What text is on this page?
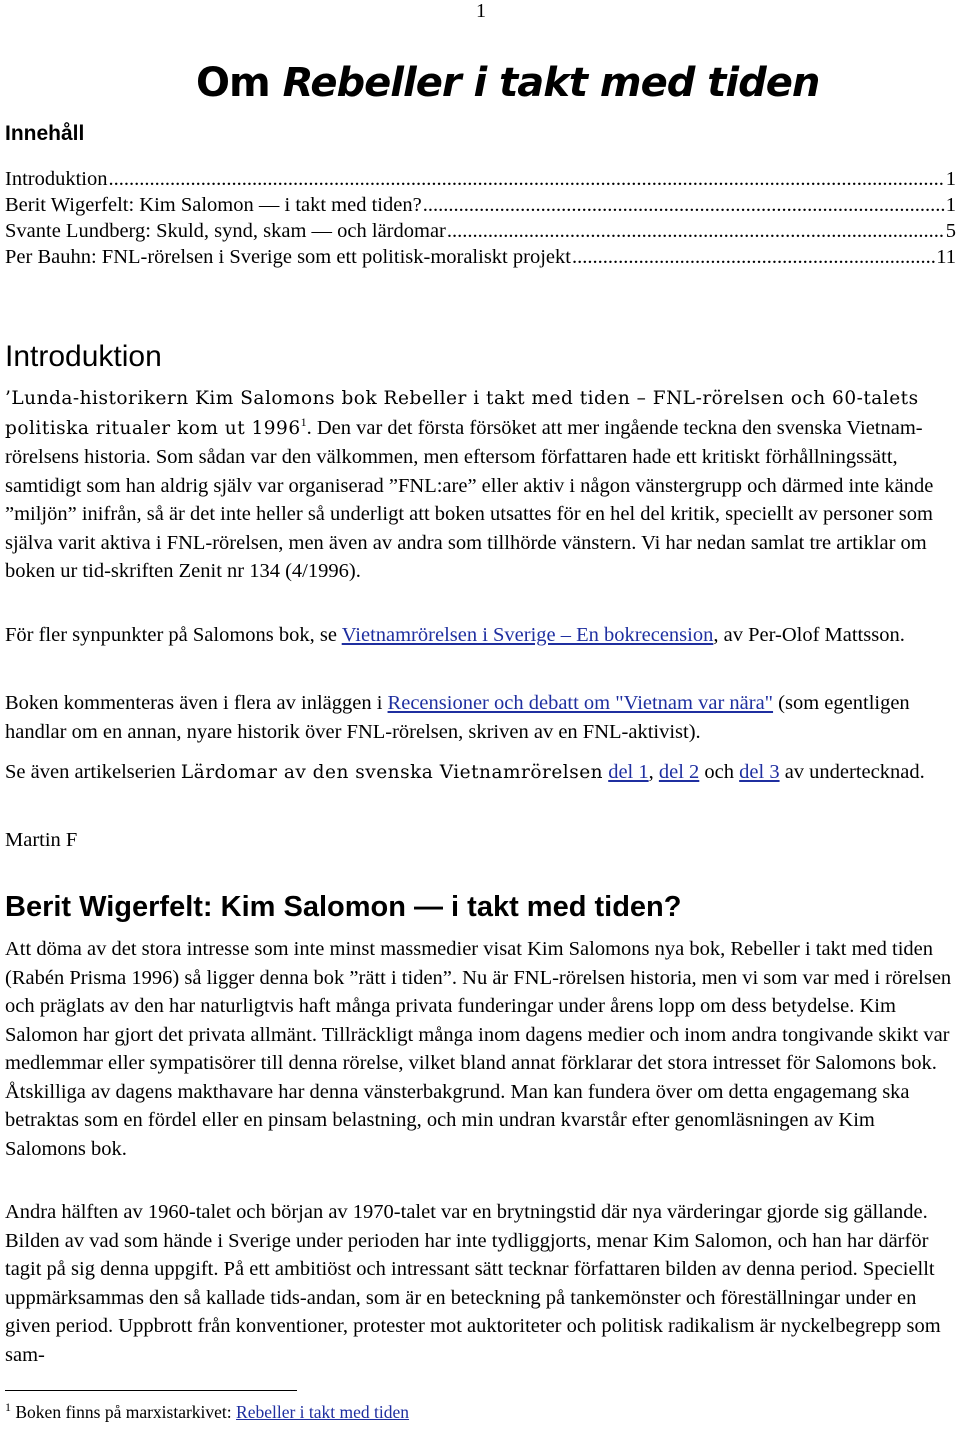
1
Om Rebeller i takt med tiden
Innehåll
Introduktion .....	1
Berit Wigerfelt: Kim Salomon — i takt med tiden? .....	1
Svante Lundberg: Skuld, synd, skam — och lärdomar .....	5
Per Bauhn: FNL-rörelsen i Sverige som ett politisk-moraliskt projekt .....	11
Introduktion

’Lunda-historikern Kim Salomons bok Rebeller i takt med tiden – FNL-rörelsen och 60-talets politiska ritualer kom ut 1996$^1$. Den var det första försöket att mer ingående teckna den svenska Vietnam-rörelsens historia. Som sådan var den välkommen, men eftersom författaren hade ett kritiskt förhållningssätt, samtidigt som han aldrig själv var organiserad ”FNL:are” eller aktiv i någon vänstergrupp och därmed inte kände ”miljön” inifrån, så är det inte heller så underligt att boken utsattes för en hel del kritik, speciellt av personer som själva varit aktiva i FNL-rörelsen, men även av andra som tillhörde vänstern. Vi har nedan samlat tre artiklar om boken ur tid-skriften Zenit nr 134 (4/1996).

För fler synpunkter på Salomons bok, se Vietnamrörelsen i Sverige – En bokrecension, av Per-Olof Mattsson.

Boken kommenteras även i flera av inläggen i Recensioner och debatt om "Vietnam var nära" (som egentligen handlar om en annan, nyare historik över FNL-rörelsen, skriven av en FNL-aktivist).

Se även artikelserien Lärdomar av den svenska Vietnamrörelsen del 1, del 2 och del 3 av undertecknad.

Martin F
Berit Wigerfelt: Kim Salomon — i takt med tiden?
Att döma av det stora intresse som inte minst massmedier visat Kim Salomons nya bok, Rebeller i takt med tiden (Rabén Prisma 1996) så ligger denna bok ”rätt i tiden”. Nu är FNL-rörelsen historia, men vi som var med i rörelsen och präglats av den har naturligtvis haft många privata funderingar under årens lopp om dess betydelse. Kim Salomon har gjort det privata allmänt. Tillräckligt många inom dagens medier och inom andra tongivande skikt var medlemmar eller sympatisörer till denna rörelse, vilket bland annat förklarar det stora intresset för Salomons bok. Åtskilliga av dagens makthavare har denna vänsterbakgrund. Man kan fundera över om detta engagemang ska betraktas som en fördel eller en pinsam belastning, och min undran kvarstår efter genomläsningen av Kim Salomons bok.
Andra hälften av 1960-talet och början av 1970-talet var en brytningstid där nya värderingar gjorde sig gällande. Bilden av vad som hände i Sverige under perioden har inte tydliggjorts, menar Kim Salomon, och han har därför tagit på sig denna uppgift. På ett ambitiöst och intressant sätt tecknar författaren bilden av denna period. Speciellt uppmärksammas den så kallade tids-andan, som är en beteckning på tankemönster och föreställningar under en given period. Uppbrott från konventioner, protester mot auktoriteter och politisk radikalism är nyckelbegrepp som sam-
$^1$ Boken finns på marxistarkivet: Rebeller i takt med tiden
